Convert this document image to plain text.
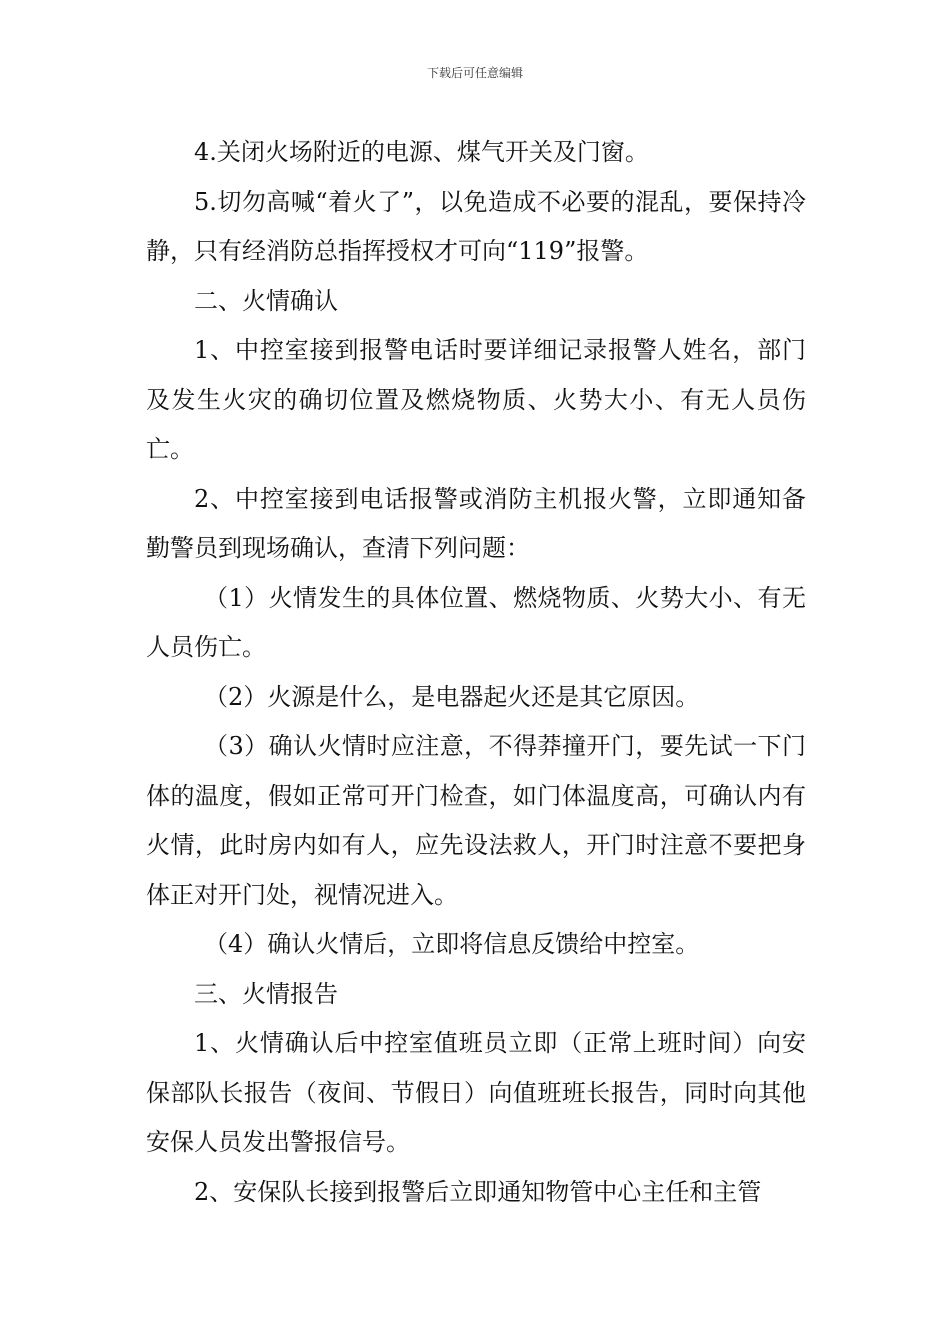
下载后可任意编辑

4.关闭火场附近的电源、煤气开关及门窗。

5.切勿高喊“着火了”，以免造成不必要的混乱，要保持冷静，只有经消防总指挥授权才可向“119”报警。

二、火情确认

1、中控室接到报警电话时要详细记录报警人姓名，部门及发生火灾的确切位置及燃烧物质、火势大小、有无人员伤亡。

2、中控室接到电话报警或消防主机报火警，立即通知备勤警员到现场确认，查清下列问题：

（1）火情发生的具体位置、燃烧物质、火势大小、有无人员伤亡。

（2）火源是什么，是电器起火还是其它原因。

（3）确认火情时应注意，不得莽撞开门，要先试一下门体的温度，假如正常可开门检查，如门体温度高，可确认内有火情，此时房内如有人，应先设法救人，开门时注意不要把身体正对开门处，视情况进入。

（4）确认火情后，立即将信息反馈给中控室。

三、火情报告

1、火情确认后中控室值班员立即（正常上班时间）向安保部队长报告（夜间、节假日）向值班班长报告，同时向其他安保人员发出警报信号。

2、安保队长接到报警后立即通知物管中心主任和主管
